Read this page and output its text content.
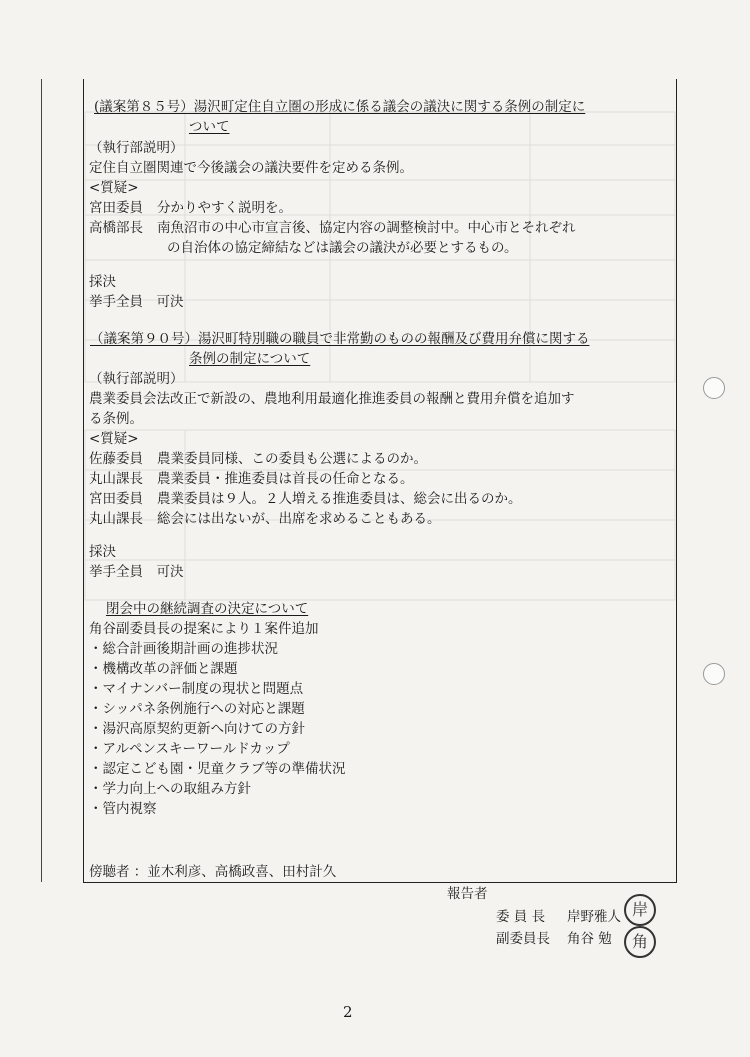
(議案第８５号）湯沢町定住自立圏の形成に係る議会の議決に関する条例の制定に
ついて
（執行部説明）
定住自立圏関連で今後議会の議決要件を定める条例。
<質疑>
宮田委員 分かりやすく説明を。
高橋部長 南魚沼市の中心市宣言後、協定内容の調整検討中。中心市とそれぞれ
の自治体の協定締結などは議会の議決が必要とするもの。
採決
挙手全員　可決
（議案第９０号）湯沢町特別職の職員で非常勤のものの報酬及び費用弁償に関する
条例の制定について
（執行部説明）
農業委員会法改正で新設の、農地利用最適化推進委員の報酬と費用弁償を追加す
る条例。
<質疑>
佐藤委員 農業委員同様、この委員も公選によるのか。
丸山課長 農業委員・推進委員は首長の任命となる。
宮田委員 農業委員は９人。２人増える推進委員は、総会に出るのか。
丸山課長 総会には出ないが、出席を求めることもある。
採決
挙手全員　可決
閉会中の継続調査の決定について
角谷副委員長の提案により１案件追加
・総合計画後期計画の進捗状況
・機構改革の評価と課題
・マイナンバー制度の現状と問題点
・シッパネ条例施行への対応と課題
・湯沢高原契約更新へ向けての方針
・アルペンスキーワールドカップ
・認定こども園・児童クラブ等の準備状況
・学力向上への取組み方針
・管内視察
傍聴者 ：並木利彦、高橋政喜、田村計久
報告者
委 員 長 岸野雅人
副委員長 角谷 勉
岸
角
2
